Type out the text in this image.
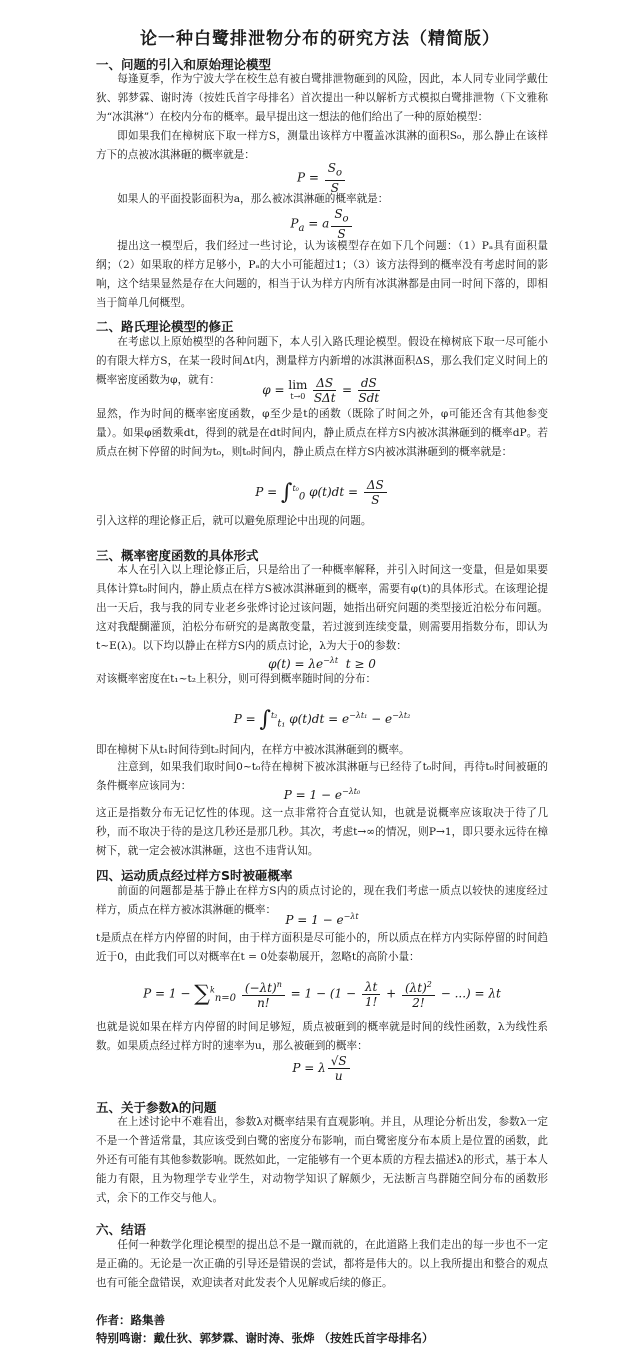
论一种白鹭排泄物分布的研究方法（精简版）
一、问题的引入和原始理论模型
每逢夏季，作为宁波大学在校生总有被白鹭排泄物砸到的风险，因此，本人同专业同学戴仕狄、郭梦霖、谢时涛（按姓氏首字母排名）首次提出一种以解析方式模拟白鹭排泄物（下文雅称为“冰淇淋”）在校内分布的概率。最早提出这一想法的他们给出了一种的原始模型：
即如果我们在樟树底下取一样方S，测量出该样方中覆盖冰淇淋的面积S₀，那么静止在该样方下的点被冰淇淋砸的概率就是：
$P = \frac{S_o}{S}$
如果人的平面投影面积为a，那么被冰淇淋砸的概率就是：
$P_a = a \frac{S_o}{S}$
提出这一模型后，我们经过一些讨论，认为该模型存在如下几个问题：（1）Pₐ具有面积量纲；（2）如果取的样方足够小，Pₐ的大小可能超过1；（3）该方法得到的概率没有考虑时间的影响，这个结果显然是存在大问题的，相当于认为样方内所有冰淇淋都是由同一时间下落的，即相当于简单几何概型。
二、路氏理论模型的修正
在考虑以上原始模型的各种问题下，本人引入路氏理论模型。假设在樟树底下取一尽可能小的有限大样方S，在某一段时间Δt内，测量样方内新增的冰淇淋面积ΔS，那么我们定义时间上的概率密度函数为φ，就有：
φ = lim
t→0
$\frac{\Delta S}{\text{SΔt}} = \frac{dS}{\text{Sdt}}$
显然，作为时间的概率密度函数，φ至少是t的函数（既除了时间之外，φ可能还含有其他参变量）。如果φ函数乘dt，得到的就是在dt时间内，静止质点在样方S内被冰淇淋砸到的概率dP。若质点在树下停留的时间为t₀，则t₀时间内，静止质点在样方S内被冰淇淋砸到的概率就是：
P = ∫$^{t_0}_0$ $\varphi(t)dt = \frac{\Delta S}{S}$
引入这样的理论修正后，就可以避免原理论中出现的问题。
三、概率密度函数的具体形式
本人在引入以上理论修正后，只是给出了一种概率解释，并引入时间这一变量，但是如果要具体计算t₀时间内，静止质点在样方S被冰淇淋砸到的概率，需要有φ(t)的具体形式。在该理论提出一天后，我与我的同专业老乡张烨讨论过该问题，她指出研究问题的类型接近泊松分布问题。这对我醍醐灌顶，泊松分布研究的是离散变量，若过渡到连续变量，则需要用指数分布，即认为t~E(λ)。以下均以静止在样方S内的质点讨论，λ为大于0的参数：
$\varphi(t) = \lambda e^{-\lambda t}$  t ≥ 0
对该概率密度在t₁~t₂上积分，则可得到概率随时间的分布：
P = ∫$^{t_2}_{t_1}$ $\varphi(t)dt = e^{-\lambda t_1} - e^{-\lambda t_2}$
即在樟树下从t₁时间待到t₂时间内，在样方中被冰淇淋砸到的概率。
注意到，如果我们取时间0~t₀待在樟树下被冰淇淋砸与已经待了t₀时间，再待t₀时间被砸的条件概率应该同为：
$P = 1 - e^{-\lambda t_0}$
这正是指数分布无记忆性的体现。这一点非常符合直觉认知，也就是说概率应该取决于待了几秒，而不取决于待的是这几秒还是那几秒。其次，考虑t→∞的情况，则P→1，即只要永远待在樟树下，就一定会被冰淇淋砸，这也不违背认知。
四、运动质点经过样方S时被砸概率
前面的问题都是基于静止在样方S内的质点讨论的，现在我们考虑一质点以较快的速度经过样方，质点在样方被冰淇淋砸的概率：
$P = 1 - e^{-\lambda t}$
t是质点在样方内停留的时间，由于样方面积是尽可能小的，所以质点在样方内实际停留的时间趋近于0，由此我们可以对概率在t = 0处泰勒展开，忽略t的高阶小量：
$P = 1 - \sum^k_{n=0} \frac{(-\lambda t)^n}{n!} = 1 - (1 - \frac{\lambda t}{1!} + \frac{(\lambda t)^2}{2!}$ − ...) = λt
也就是说如果在样方内停留的时间足够短，质点被砸到的概率就是时间的线性函数，λ为线性系数。如果质点经过样方时的速率为u，那么被砸到的概率：
P = λ $\frac{√S}{u}$
五、关于参数λ的问题
在上述讨论中不难看出，参数λ对概率结果有直观影响。并且，从理论分析出发，参数λ一定不是一个普适常量，其应该受到白鹭的密度分布影响，而白鹭密度分布本质上是位置的函数，此外还有可能有其他参数影响。既然如此，一定能够有一个更本质的方程去描述λ的形式，基于本人能力有限，且为物理学专业学生，对动物学知识了解颇少，无法断言鸟群随空间分布的函数形式，余下的工作交与他人。
六、结语
任何一种数学化理论模型的提出总不是一蹴而就的，在此道路上我们走出的每一步也不一定是正确的。无论是一次正确的引导还是错误的尝试，都将是伟大的。以上我所提出和整合的观点也有可能全盘错误，欢迎读者对此发表个人见解或后续的修正。
作者：路集善
特别鸣谢：戴仕狄、郭梦霖、谢时涛、张烨 （按姓氏首字母排名）
